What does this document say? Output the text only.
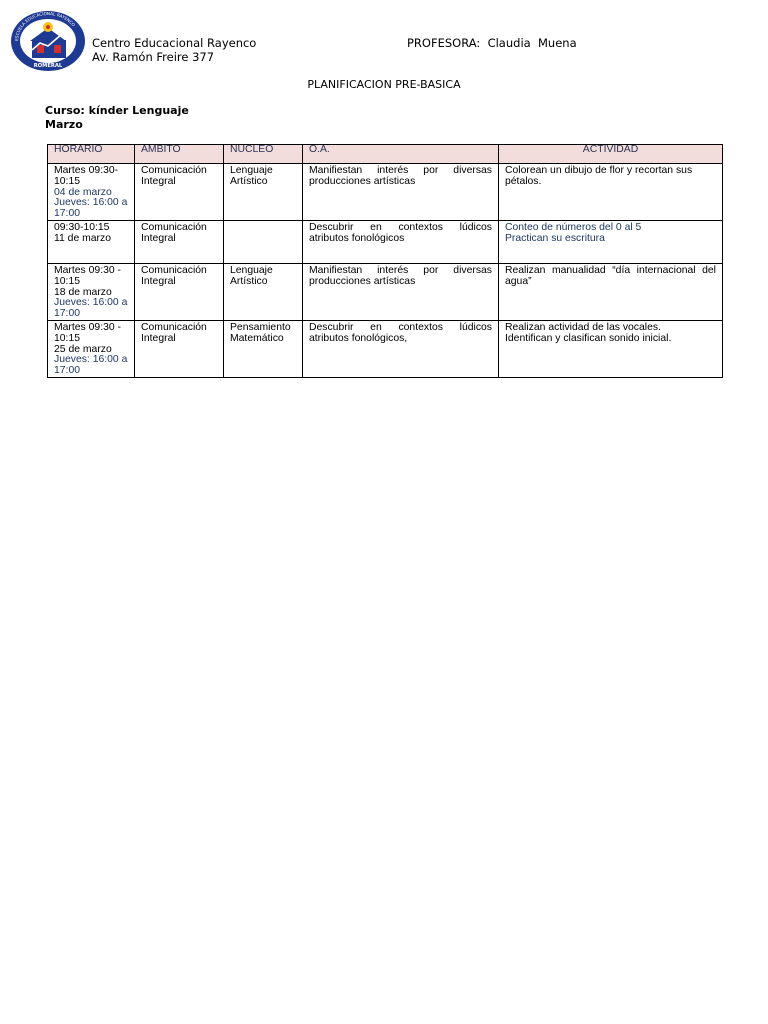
ESCUELA EDUCACIONAL RAYENCO
ROMERAL
Centro Educacional Rayenco
Av. Ramón Freire 377
PROFESORA:  Claudia  Muena
PLANIFICACION PRE-BASICA
Curso: kínder Lenguaje
Marzo
HORARIO	AMBITO	NUCLEO	O.A.	ACTIVIDAD

Martes 09:30-10:15
04 de marzo
Jueves: 16:00 a 17:00	Comunicación Integral	Lenguaje Artístico	Manifiestan interés por diversas producciones artísticas	Colorean un dibujo de flor y recortan sus pétalos.

09:30-10:15
11 de marzo	Comunicación Integral		Descubrir en contextos lúdicos atributos fonológicos	Conteo de números del 0 al 5
Practican su escritura

Martes 09:30 - 10:15
18 de marzo
Jueves: 16:00 a 17:00	Comunicación Integral	Lenguaje Artístico	Manifiestan interés por diversas producciones artísticas	Realizan manualidad “día internacional del agua”

Martes 09:30 - 10:15
25 de marzo
Jueves: 16:00 a 17:00	Comunicación Integral	Pensamiento Matemático	Descubrir en contextos lúdicos atributos fonológicos,	Realizan actividad de las vocales.
Identifican y clasifican sonido inicial.
